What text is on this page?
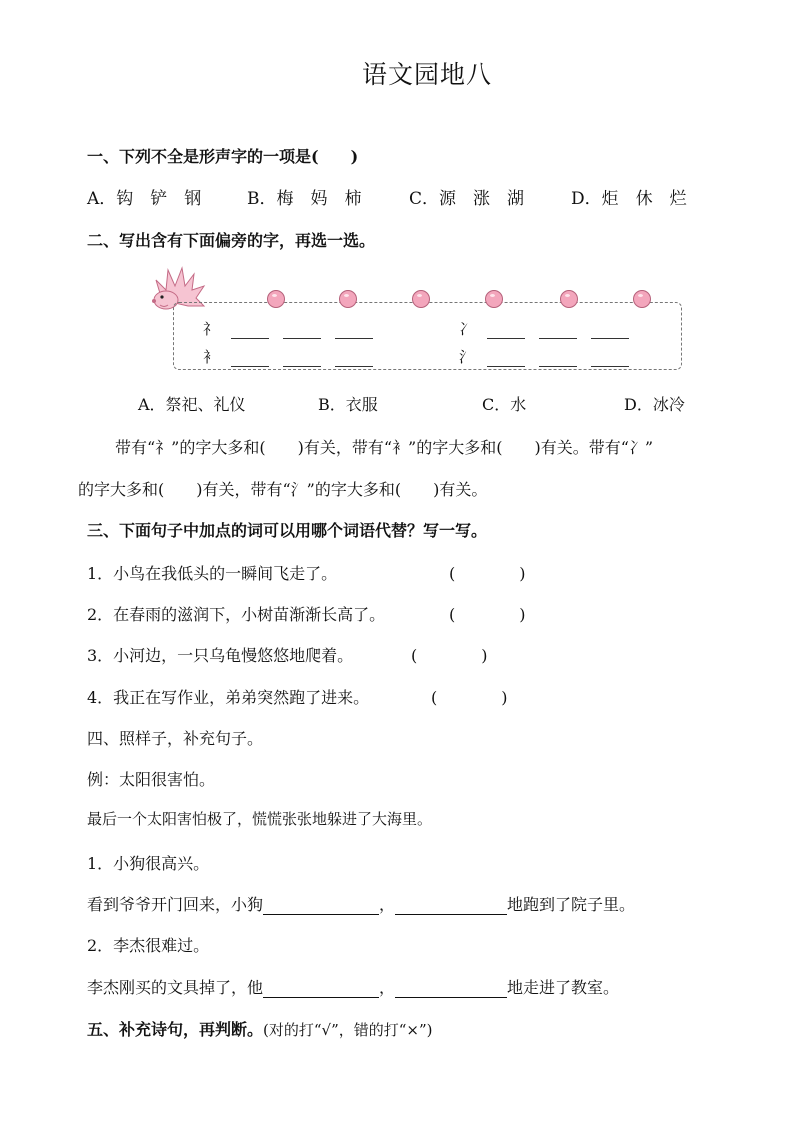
语文园地八
一、下列不全是形声字的一项是(　　)
A．钩　铲　钢	B．梅　妈　柿	C．源　涨　湖	D．炬　休　烂
二、写出含有下面偏旁的字，再选一选。
礻	冫
衤	氵
A．祭祀、礼仪	B．衣服	C．水	D．冰冷
带有“礻”的字大多和(　　)有关，带有“衤”的字大多和(　　)有关。带有“冫”
的字大多和(　　)有关，带有“氵”的字大多和(　　)有关。
三、下面句子中加点的词可以用哪个词语代替？写一写。
1．小鸟在我低头的一瞬间飞走了。	(　　　　)
2．在春雨的滋润下，小树苗渐渐长高了。	(　　　　)
3．小河边，一只乌龟慢悠悠地爬着。	(　　　　)
4．我正在写作业，弟弟突然跑了进来。	(　　　　)
四、照样子，补充句子。
例：太阳很害怕。
最后一个太阳害怕极了，慌慌张张地躲进了大海里。
1．小狗很高兴。
看到爷爷开门回来，小狗	，	地跑到了院子里。
2．李杰很难过。
李杰刚买的文具掉了，他	，	地走进了教室。
五、补充诗句，再判断。(对的打“√”，错的打“×”)
